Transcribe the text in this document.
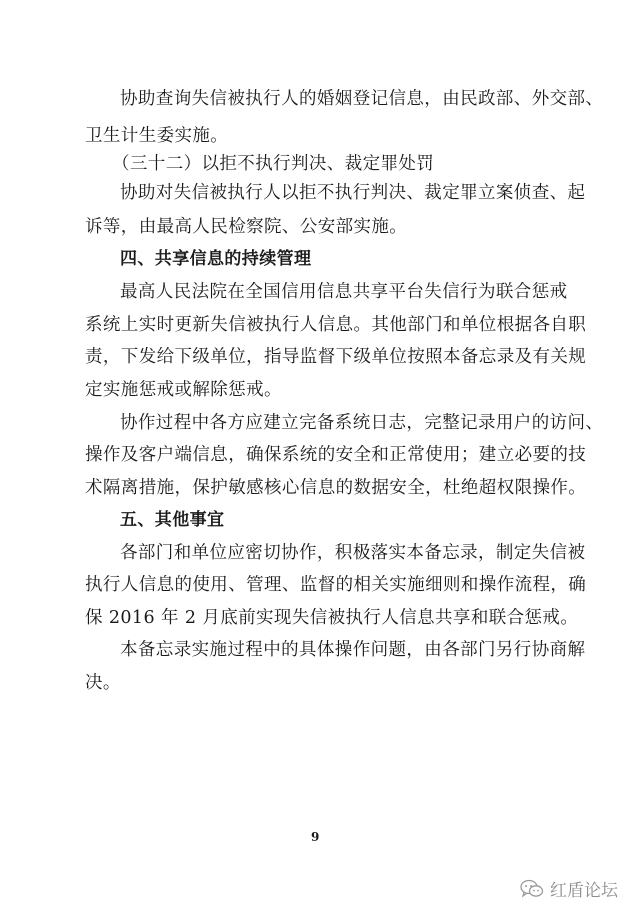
协助查询失信被执行人的婚姻登记信息，由民政部、外交部、
卫生计生委实施。
（三十二）以拒不执行判决、裁定罪处罚
协助对失信被执行人以拒不执行判决、裁定罪立案侦查、起
诉等，由最高人民检察院、公安部实施。
四、共享信息的持续管理
最高人民法院在全国信用信息共享平台失信行为联合惩戒
系统上实时更新失信被执行人信息。其他部门和单位根据各自职
责，下发给下级单位，指导监督下级单位按照本备忘录及有关规
定实施惩戒或解除惩戒。
协作过程中各方应建立完备系统日志，完整记录用户的访问、
操作及客户端信息，确保系统的安全和正常使用；建立必要的技
术隔离措施，保护敏感核心信息的数据安全，杜绝超权限操作。
五、其他事宜
各部门和单位应密切协作，积极落实本备忘录，制定失信被
执行人信息的使用、管理、监督的相关实施细则和操作流程，确
保 2016 年 2 月底前实现失信被执行人信息共享和联合惩戒。
本备忘录实施过程中的具体操作问题，由各部门另行协商解
决。
9
红盾论坛
